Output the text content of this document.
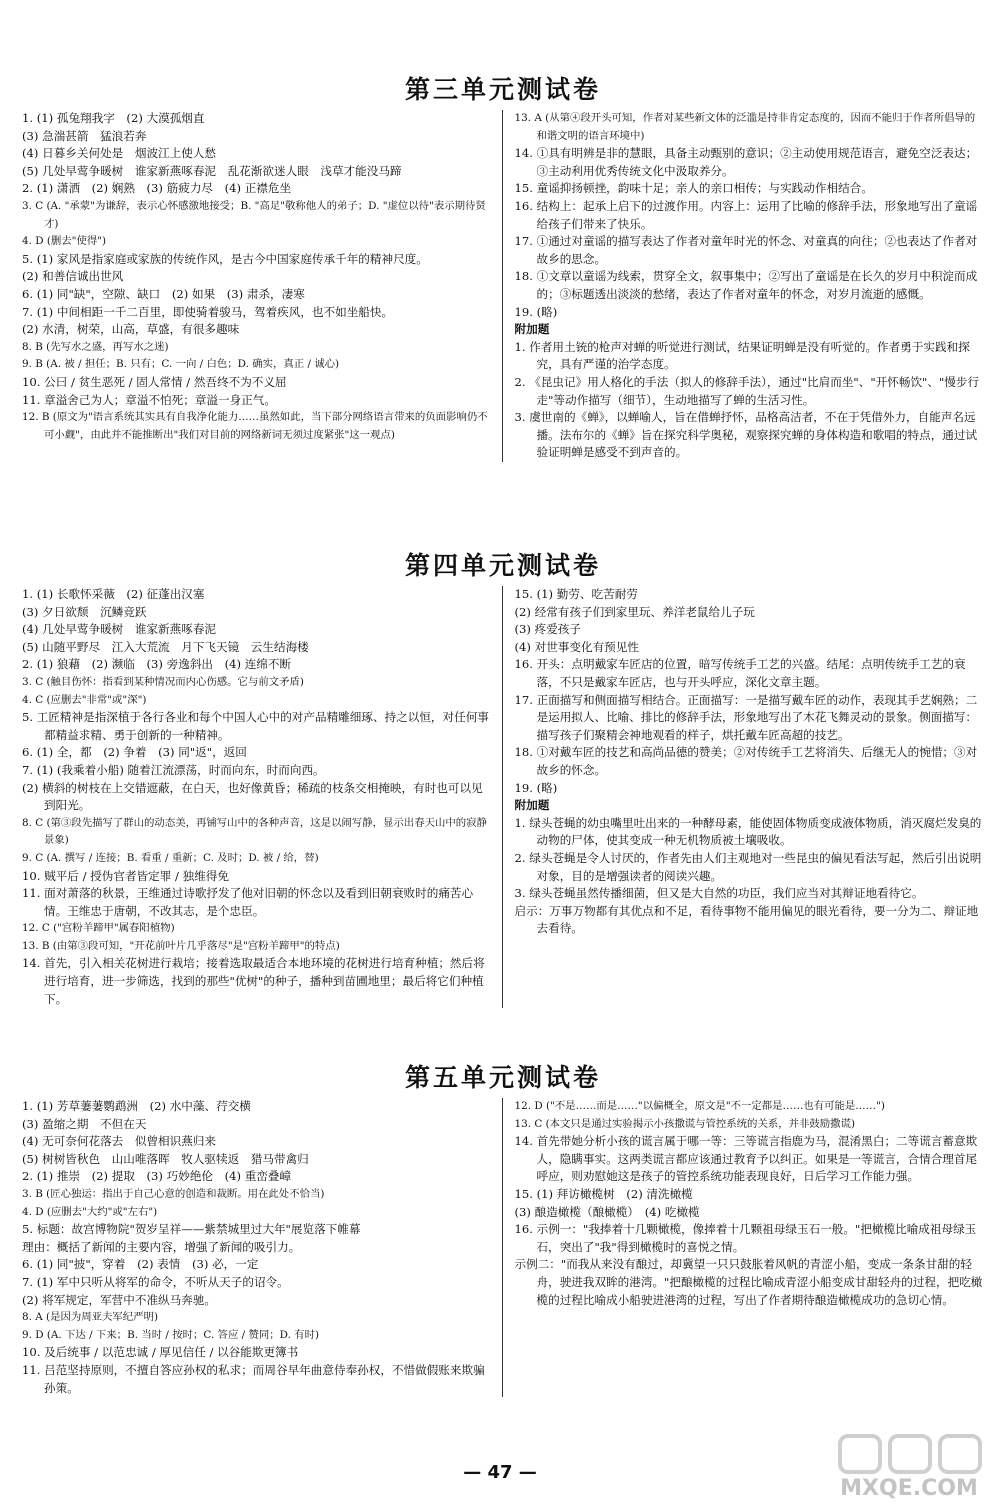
第三单元测试卷

1. (1) 孤兔翔我字　(2) 大漠孤烟直

(3) 急湍甚箭　猛浪若奔

(4) 日暮乡关何处是　烟波江上使人愁

(5) 几处早莺争暖树　谁家新燕啄春泥　乱花渐欲迷人眼　浅草才能没马蹄

2. (1) 潇洒　(2) 娴熟　(3) 筋疲力尽　(4) 正襟危坐

3. C (A. "承蒙"为谦辞，表示心怀感激地接受；B. "高足"敬称他人的弟子；D. "虚位以待"表示期待贤才)

4. D (删去"使得")

5. (1) 家风是指家庭或家族的传统作风，是古今中国家庭传承千年的精神尺度。

(2) 和善信诚出世风

6. (1) 同"缺"，空隙、缺口　(2) 如果　(3) 肃杀，凄寒

7. (1) 中间相距一千二百里，即使骑着骏马，驾着疾风，也不如坐船快。

(2) 水清，树荣，山高，草盛，有很多趣味

8. B (先写水之盛，再写水之迷)

9. B (A. 被 / 担任；B. 只有；C. 一向 / 白色；D. 确实，真正 / 诚心)

10. 公曰 / 贫生恶死 / 固人常情 / 然吾终不为不义屈

11. 章溢舍己为人；章溢不怕死；章溢一身正气。

12. B (原文为"语言系统其实具有自我净化能力……虽然如此，当下部分网络语言带来的负面影响仍不可小觑"，由此并不能推断出"我们对目前的网络新词无须过度紧张"这一观点)

13. A (从第④段开头可知，作者对某些新文体的泛滥是持非肯定态度的，因而不能归于作者所倡导的和谐文明的语言环境中)

14. ①具有明辨是非的慧眼，具备主动甄别的意识；②主动使用规范语言，避免空泛表达；③主动利用优秀传统文化中汲取养分。

15. 童谣抑扬顿挫，韵味十足；亲人的亲口相传；与实践动作相结合。

16. 结构上：起承上启下的过渡作用。内容上：运用了比喻的修辞手法，形象地写出了童谣给孩子们带来了快乐。

17. ①通过对童谣的描写表达了作者对童年时光的怀念、对童真的向往；②也表达了作者对故乡的思念。

18. ①文章以童谣为线索，贯穿全文，叙事集中；②写出了童谣是在长久的岁月中积淀而成的；③标题透出淡淡的愁绪，表达了作者对童年的怀念，对岁月流逝的感慨。

19. (略)

附加题

1. 作者用土铳的枪声对蝉的听觉进行测试，结果证明蝉是没有听觉的。作者勇于实践和探究，具有严谨的治学态度。

2. 《昆虫记》用人格化的手法（拟人的修辞手法），通过"比肩而坐"、"开怀畅饮"、"慢步行走"等动作描写（细节），生动地描写了蝉的生活习性。

3. 虞世南的《蝉》，以蝉喻人，旨在借蝉抒怀，品格高洁者，不在于凭借外力，自能声名远播。法布尔的《蝉》旨在探究科学奥秘，观察探究蝉的身体构造和歌唱的特点，通过试验证明蝉是感受不到声音的。

第四单元测试卷

1. (1) 长歌怀采薇　(2) 征蓬出汉塞

(3) 夕日欲颓　沉鳞竞跃

(4) 几处早莺争暖树　谁家新燕啄春泥

(5) 山随平野尽　江入大荒流　月下飞天镜　云生结海楼

2. (1) 狼藉　(2) 濒临　(3) 旁逸斜出　(4) 连绵不断

3. C (触目伤怀：指看到某种情况而内心伤感。它与前文矛盾)

4. C (应删去"非常"或"深")

5. 工匠精神是指深植于各行各业和每个中国人心中的对产品精雕细琢、持之以恒，对任何事都精益求精、勇于创新的一种精神。

6. (1) 全，都　(2) 争着　(3) 同"返"，返回

7. (1) (我乘着小船) 随着江流漂荡，时而向东，时而向西。

(2) 横斜的树枝在上交错遮蔽，在白天，也好像黄昏；稀疏的枝条交相掩映，有时也可以见到阳光。

8. C (第③段先描写了群山的动态美，再铺写山中的各种声音，这是以闹写静，显示出春天山中的寂静景象)

9. C (A. 撰写 / 连接；B. 看重 / 重新；C. 及时；D. 被 / 给，替)

10. 贼平后 / 授伪官者皆定罪 / 独维得免

11. 面对萧落的秋景，王维通过诗歌抒发了他对旧朝的怀念以及看到旧朝衰败时的痛苦心情。王维忠于唐朝，不改其志，是个忠臣。

12. C ("宫粉羊蹄甲"属春阳植物)

13. B (由第③段可知，"开花前叶片几乎落尽"是"宫粉羊蹄甲"的特点)

14. 首先，引入相关花树进行栽培；接着选取最适合本地环境的花树进行培育种植；然后将进行培育，进一步筛选，找到的那些"优树"的种子，播种到苗圃地里；最后将它们种植下。

15. (1) 勤劳、吃苦耐劳

(2) 经常有孩子们到家里玩、养洋老鼠给儿子玩

(3) 疼爱孩子

(4) 对世事变化有预见性

16. 开头：点明戴家车匠店的位置，暗写传统手工艺的兴盛。结尾：点明传统手工艺的衰落，不只是戴家车匠店，也与开头呼应，深化文章主题。

17. 正面描写和侧面描写相结合。正面描写：一是描写戴车匠的动作，表现其手艺娴熟；二是运用拟人、比喻、排比的修辞手法，形象地写出了木花飞舞灵动的景象。侧面描写：描写孩子们聚精会神地观看的样子，烘托戴车匠高超的技艺。

18. ①对戴车匠的技艺和高尚品德的赞美；②对传统手工艺将消失、后继无人的惋惜；③对故乡的怀念。

19. (略)

附加题

1. 绿头苍蝇的幼虫嘴里吐出来的一种酵母素，能使固体物质变成液体物质，消灭腐烂发臭的动物的尸体，使其变成一种无机物质被土壤吸收。

2. 绿头苍蝇是令人讨厌的，作者先由人们主观地对一些昆虫的偏见看法写起，然后引出说明对象，目的是增强读者的阅读兴趣。

3. 绿头苍蝇虽然传播细菌，但又是大自然的功臣，我们应当对其辩证地看待它。

启示：万事万物都有其优点和不足，看待事物不能用偏见的眼光看待，要一分为二、辩证地去看待。

第五单元测试卷

1. (1) 芳草萋萋鹦鹉洲　(2) 水中藻、荇交横

(3) 盈缩之期　不但在天

(4) 无可奈何花落去　似曾相识燕归来

(5) 树树皆秋色　山山唯落晖　牧人驱犊返　猎马带禽归

2. (1) 推崇　(2) 提取　(3) 巧妙绝伦　(4) 重峦叠嶂

3. B (匠心独运：指出于自己心意的创造和裁断。用在此处不恰当)

4. D (应删去"大约"或"左右")

5. 标题：故宫博物院"贺岁呈祥——紫禁城里过大年"展览落下帷幕

理由：概括了新闻的主要内容，增强了新闻的吸引力。

6. (1) 同"披"，穿着　(2) 表情　(3) 必，一定

7. (1) 军中只听从将军的命令，不听从天子的诏令。

(2) 将军规定，军营中不准纵马奔驰。

8. A (是因为周亚夫军纪严明)

9. D (A. 下达 / 下来；B. 当时 / 按时；C. 答应 / 赞同；D. 有时)

10. 及后统事 / 以范忠诚 / 厚见信任 / 以谷能欺更簿书

11. 吕范坚持原则，不擅自答应孙权的私求；而周谷早年曲意侍奉孙权，不惜做假账来欺骗孙策。

12. D ("不是……而是……"以偏概全，原文是"不一定都是……也有可能是……")

13. C (本文只是通过实验揭示小孩撒谎与管控系统的关系，并非鼓励撒谎)

14. 首先带她分析小孩的谎言属于哪一等：三等谎言指鹿为马，混淆黑白；二等谎言蓄意欺人，隐瞒事实。这两类谎言都应该通过教育予以纠正。如果是一等谎言，合情合理首尾呼应，则劝慰她这是孩子的管控系统功能表现良好，日后学习工作能力强。

15. (1) 拜访橄榄树　(2) 清洗橄榄

(3) 酿造橄榄（酿橄榄）　(4) 吃橄榄

16. 示例一："我捧着十几颗橄榄，像捧着十几颗祖母绿玉石一般。"把橄榄比喻成祖母绿玉石，突出了"我"得到橄榄时的喜悦之情。

示例二："而我从来没有酿过，却冀望一只只鼓胀着风帆的青涩小船，变成一条条甘甜的轻舟，驶进我双眸的港湾。"把酿橄榄的过程比喻成青涩小船变成甘甜轻舟的过程，把吃橄榄的过程比喻成小船驶进港湾的过程，写出了作者期待酿造橄榄成功的急切心情。

— 47 —
MXQE.COM
